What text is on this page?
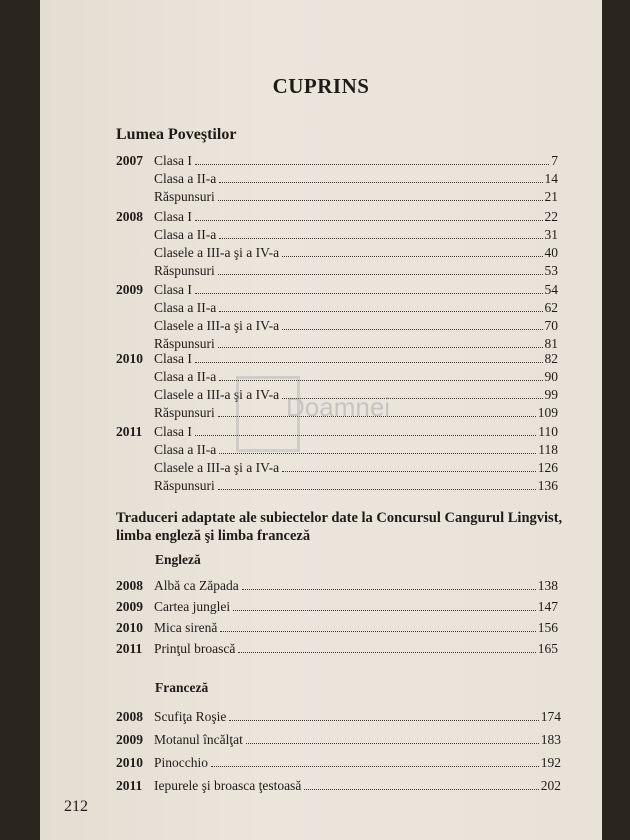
CUPRINS
Lumea Poveştilor
2007 Clasa I	7
Clasa a II-a	14
Răspunsuri	21
2008 Clasa I	22
Clasa a II-a	31
Clasele a III-a şi a IV-a	40
Răspunsuri	53
2009 Clasa I	54
Clasa a II-a	62
Clasele a III-a şi a IV-a	70
Răspunsuri	81
2010 Clasa I	82
Clasa a II-a	90
Clasele a III-a şi a IV-a	99
Răspunsuri	109
2011 Clasa I	110
Clasa a II-a	118
Clasele a III-a şi a IV-a	126
Răspunsuri	136
Traduceri adaptate ale subiectelor date la Concursul Cangurul Lingvist, limba engleză şi limba franceză
Engleză
2008 Albă ca Zăpada	138
2009 Cartea junglei	147
2010 Mica sirenă	156
2011 Prinţul broască	165
Franceză
2008 Scufiţa Roşie	174
2009 Motanul încălţat	183
2010 Pinocchio	192
2011 Iepurele şi broasca ţestoasă	202
212
Doamnei
